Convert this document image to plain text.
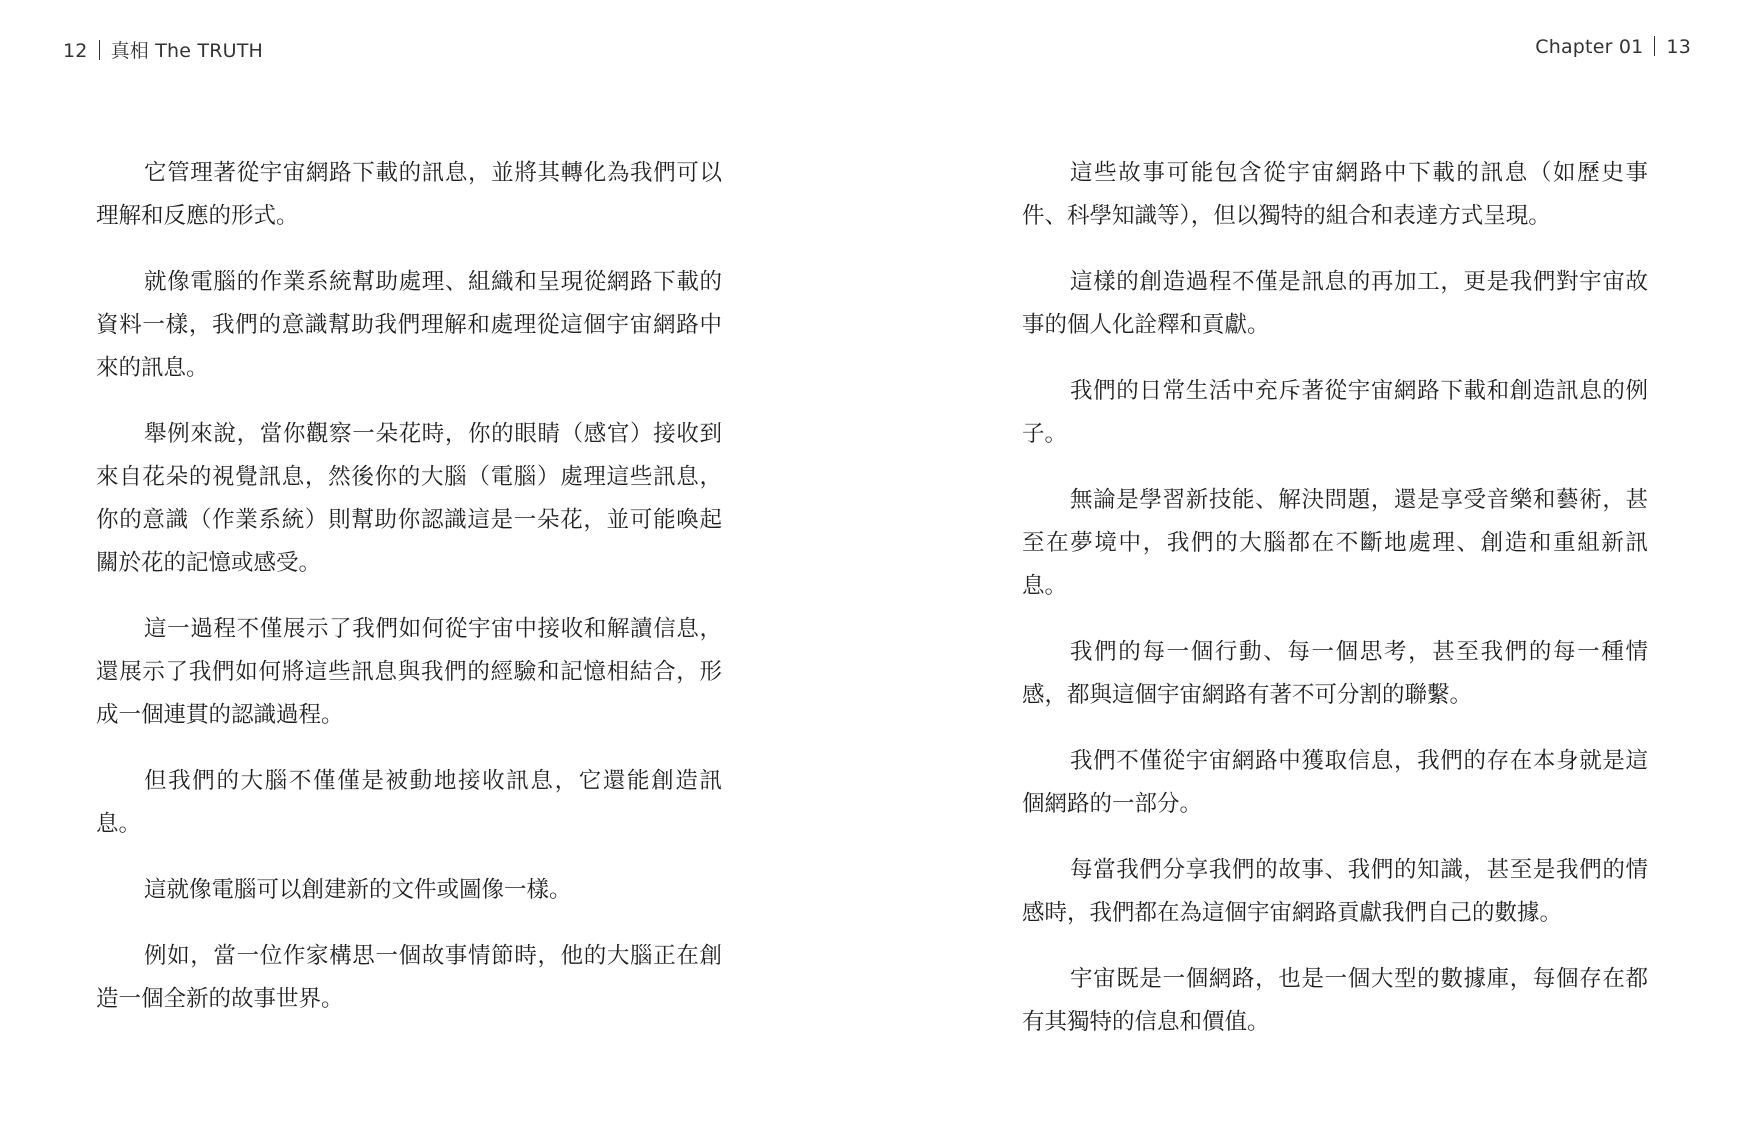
12 真相 The TRUTH	Chapter 01 13

它管理著從宇宙網路下載的訊息，並將其轉化為我們可以理解和反應的形式。

就像電腦的作業系統幫助處理、組織和呈現從網路下載的資料一樣，我們的意識幫助我們理解和處理從這個宇宙網路中來的訊息。

舉例來說，當你觀察一朵花時，你的眼睛（感官）接收到來自花朵的視覺訊息，然後你的大腦（電腦）處理這些訊息，你的意識（作業系統）則幫助你認識這是一朵花，並可能喚起關於花的記憶或感受。

這一過程不僅展示了我們如何從宇宙中接收和解讀信息，還展示了我們如何將這些訊息與我們的經驗和記憶相結合，形成一個連貫的認識過程。

但我們的大腦不僅僅是被動地接收訊息，它還能創造訊息。

這就像電腦可以創建新的文件或圖像一樣。

例如，當一位作家構思一個故事情節時，他的大腦正在創造一個全新的故事世界。

這些故事可能包含從宇宙網路中下載的訊息（如歷史事件、科學知識等），但以獨特的組合和表達方式呈現。

這樣的創造過程不僅是訊息的再加工，更是我們對宇宙故事的個人化詮釋和貢獻。

我們的日常生活中充斥著從宇宙網路下載和創造訊息的例子。

無論是學習新技能、解決問題，還是享受音樂和藝術，甚至在夢境中，我們的大腦都在不斷地處理、創造和重組新訊息。

我們的每一個行動、每一個思考，甚至我們的每一種情感，都與這個宇宙網路有著不可分割的聯繫。

我們不僅從宇宙網路中獲取信息，我們的存在本身就是這個網路的一部分。

每當我們分享我們的故事、我們的知識，甚至是我們的情感時，我們都在為這個宇宙網路貢獻我們自己的數據。

宇宙既是一個網路，也是一個大型的數據庫，每個存在都有其獨特的信息和價值。
